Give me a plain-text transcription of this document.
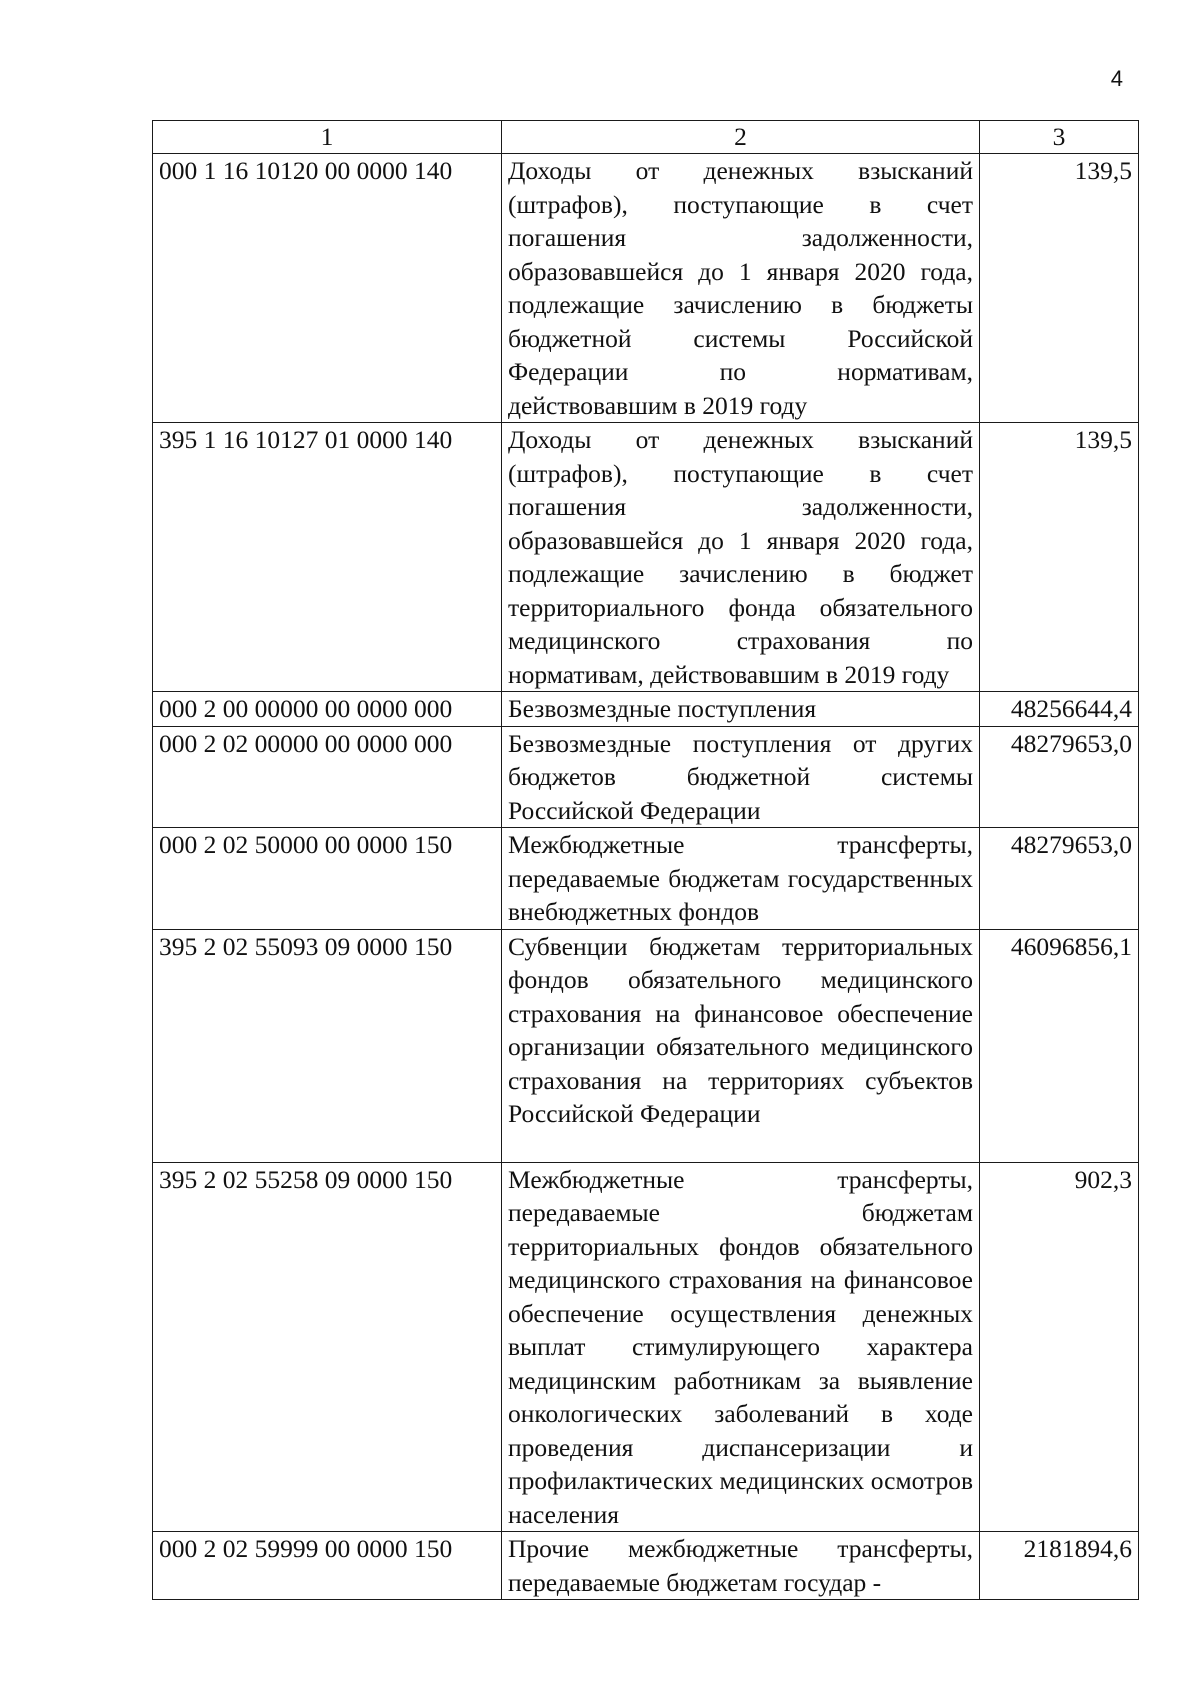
4
1	2	3
000 1 16 10120 00 0000 140	Доходы от денежных взысканий (штрафов), поступающие в счет погашения задолженности, образовавшейся до 1 января 2020 года, подлежащие зачислению в бюджеты бюджетной системы Российской Федерации по нормативам, действовавшим в 2019 году	139,5
395 1 16 10127 01 0000 140	Доходы от денежных взысканий (штрафов), поступающие в счет погашения задолженности, образовавшейся до 1 января 2020 года, подлежащие зачислению в бюджет территориального фонда обязательного медицинского страхования по нормативам, действовавшим в 2019 году	139,5
000 2 00 00000 00 0000 000	Безвозмездные поступления	48256644,4
000 2 02 00000 00 0000 000	Безвозмездные поступления от других бюджетов бюджетной системы Российской Федерации	48279653,0
000 2 02 50000 00 0000 150	Межбюджетные трансферты, передаваемые бюджетам государственных внебюджетных фондов	48279653,0
395 2 02 55093 09 0000 150	Субвенции бюджетам территориальных фондов обязательного медицинского страхования на финансовое обеспечение организации обязательного медицинского страхования на территориях субъектов Российской Федерации	46096856,1
395 2 02 55258 09 0000 150	Межбюджетные трансферты, передаваемые бюджетам территориальных фондов обязательного медицинского страхования на финансовое обеспечение осуществления денежных выплат стимулирующего характера медицинским работникам за выявление онкологических заболеваний в ходе проведения диспансеризации и профилактических медицинских осмотров населения	902,3
000 2 02 59999 00 0000 150	Прочие межбюджетные трансферты, передаваемые бюджетам государ -	2181894,6
